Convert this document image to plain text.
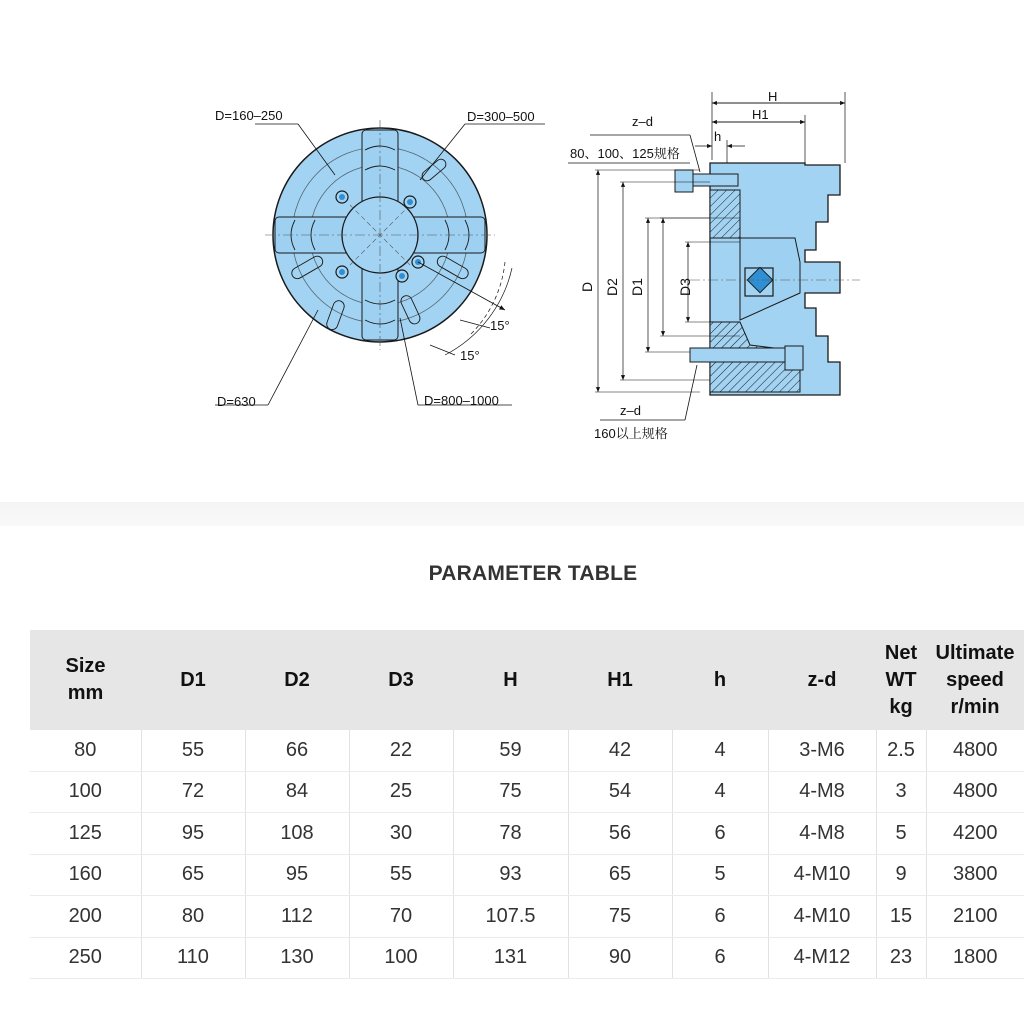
D=160–250	D=300–500
D=630	D=800–1000
15°
15°
H
H1
z–d
h
80、100、125规格
D D2 D1 D3
z–d
160以上规格
PARAMETER TABLE
Size
mm	D1	D2	D3	H	H1	h	z-d	Net
WT
kg	Ultimate
speed
r/min
80	55	66	22	59	42	4	3-M6	2.5	4800
100	72	84	25	75	54	4	4-M8	3	4800
125	95	108	30	78	56	6	4-M8	5	4200
160	65	95	55	93	65	5	4-M10	9	3800
200	80	112	70	107.5	75	6	4-M10	15	2100
250	110	130	100	131	90	6	4-M12	23	1800
